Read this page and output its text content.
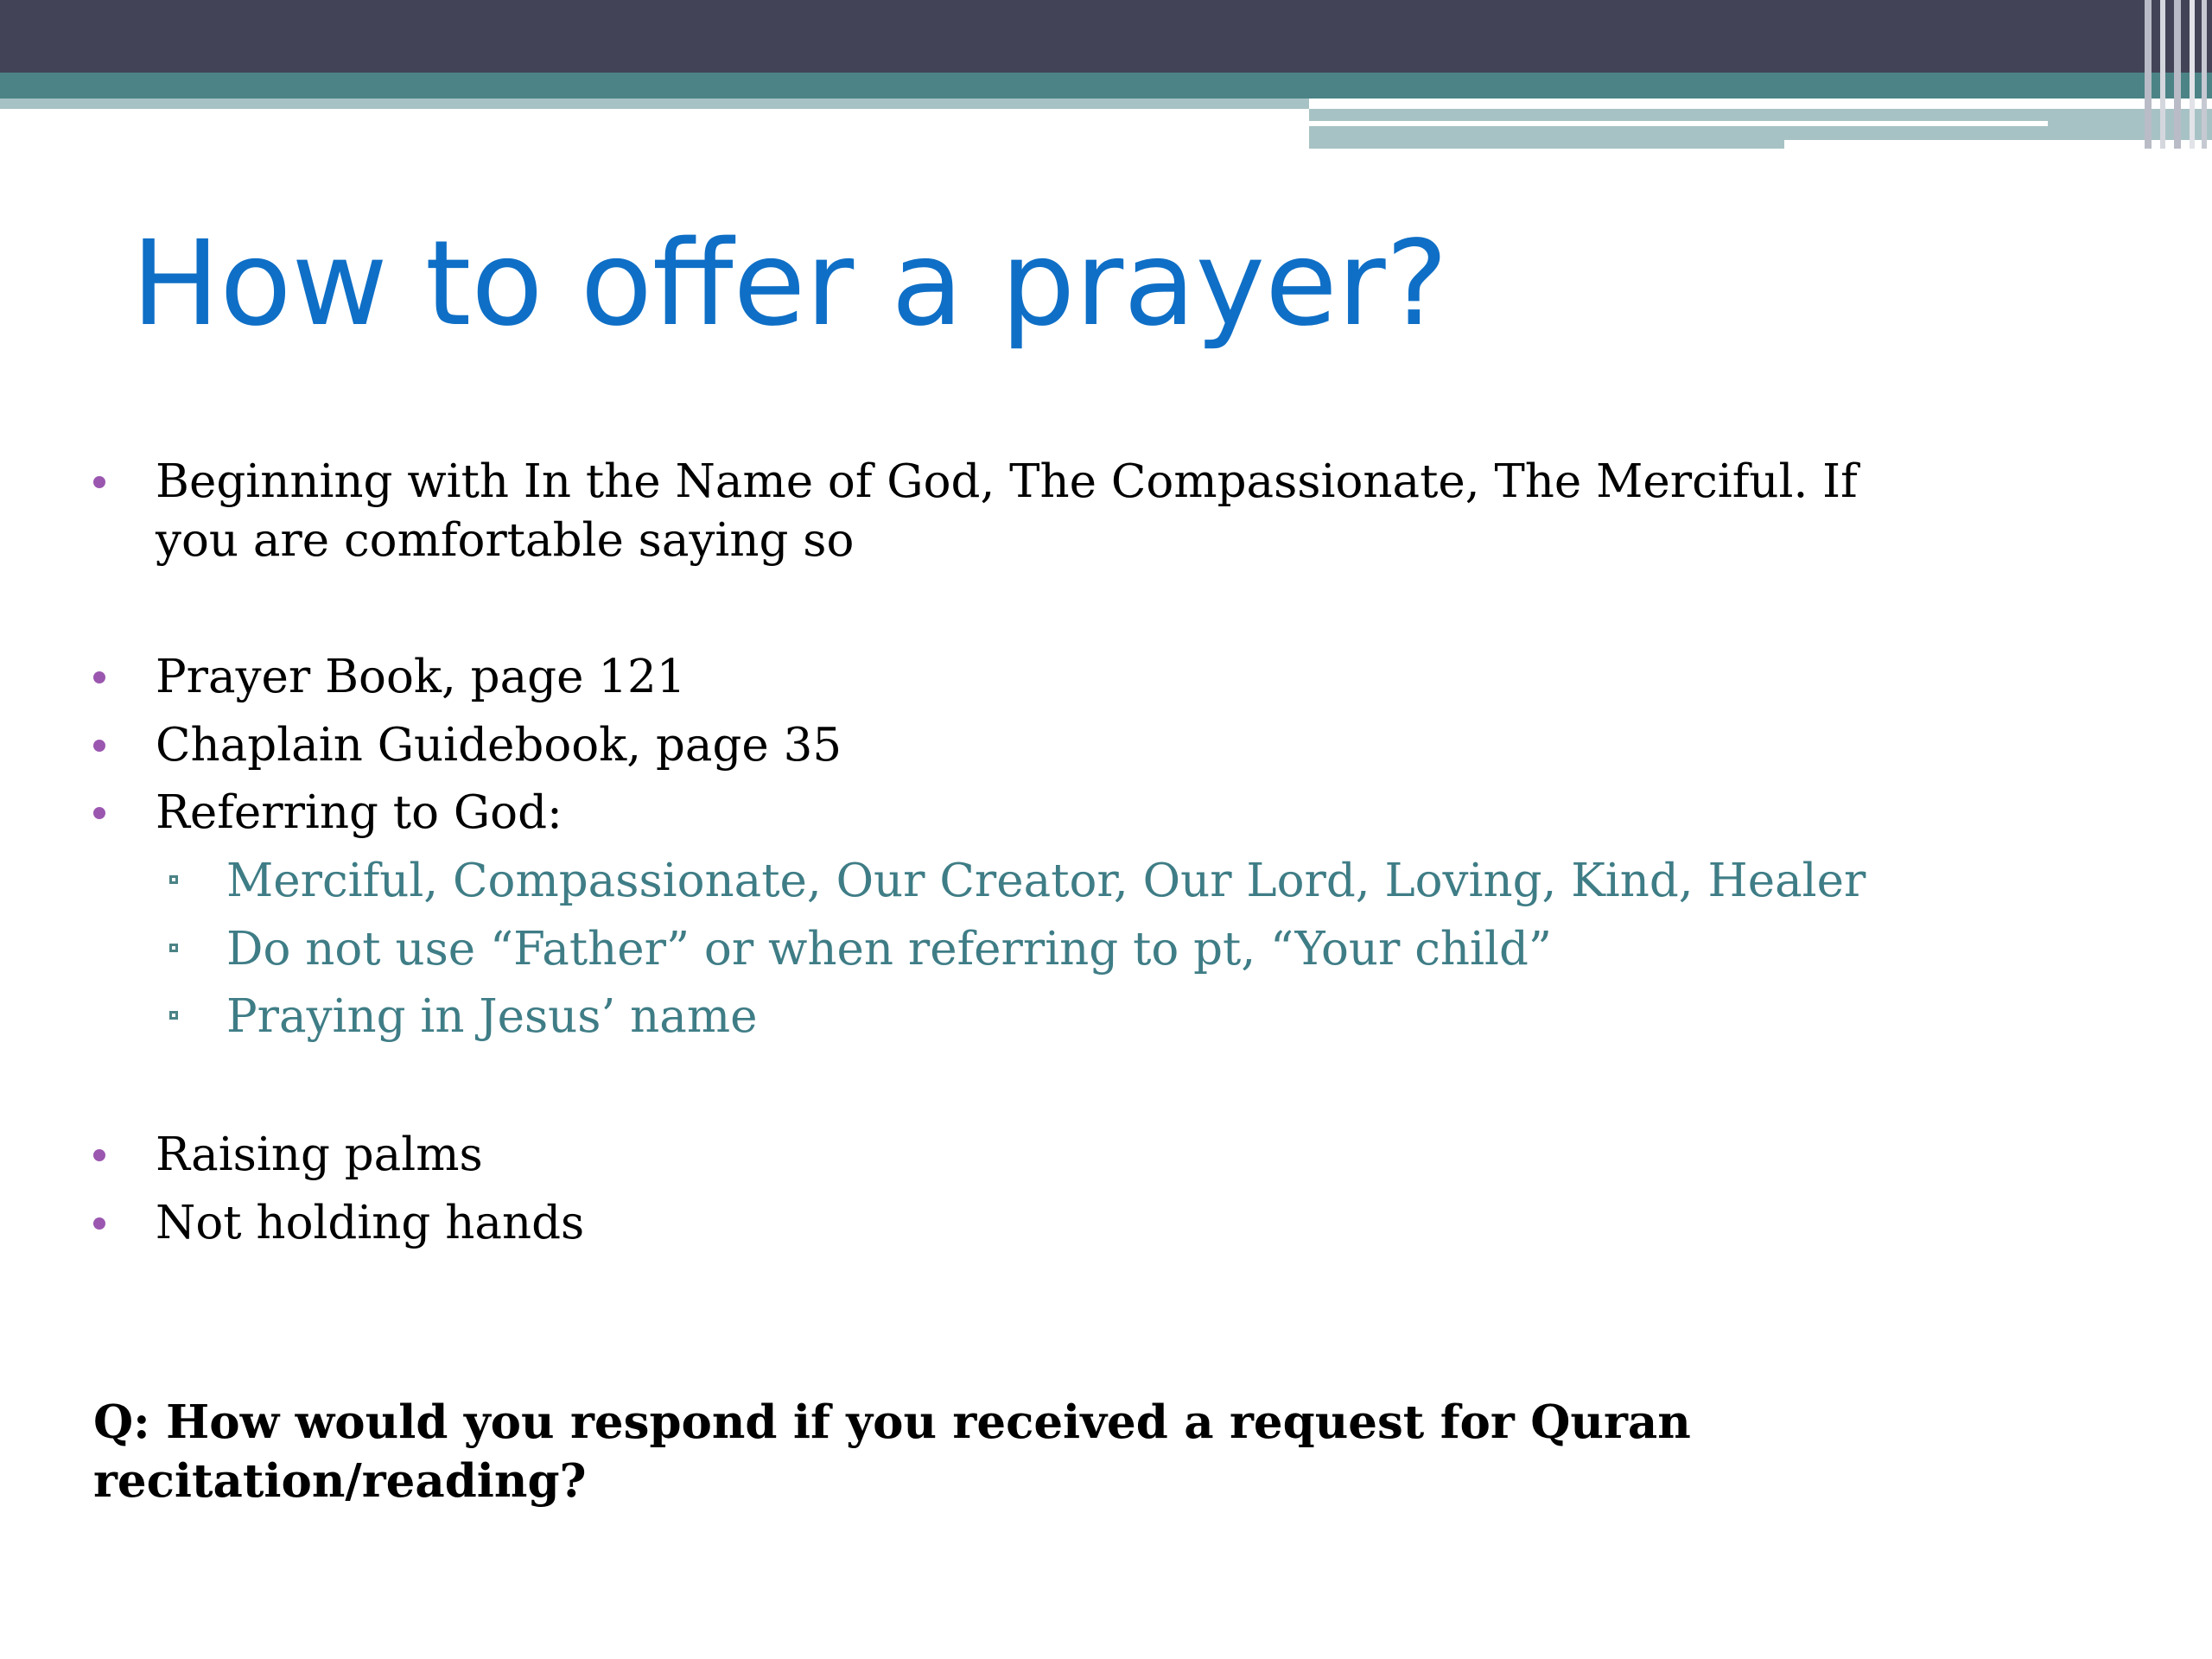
How to offer a prayer?

Beginning with In the Name of God, The Compassionate, The Merciful. If you are comfortable saying so

Prayer Book, page 121

Chaplain Guidebook, page 35

Referring to God:

Merciful, Compassionate, Our Creator, Our Lord, Loving, Kind, Healer

Do not use “Father” or when referring to pt, “Your child”

Praying in Jesus’ name

Raising palms

Not holding hands

Q: How would you respond if you received a request for Quran recitation/reading?
